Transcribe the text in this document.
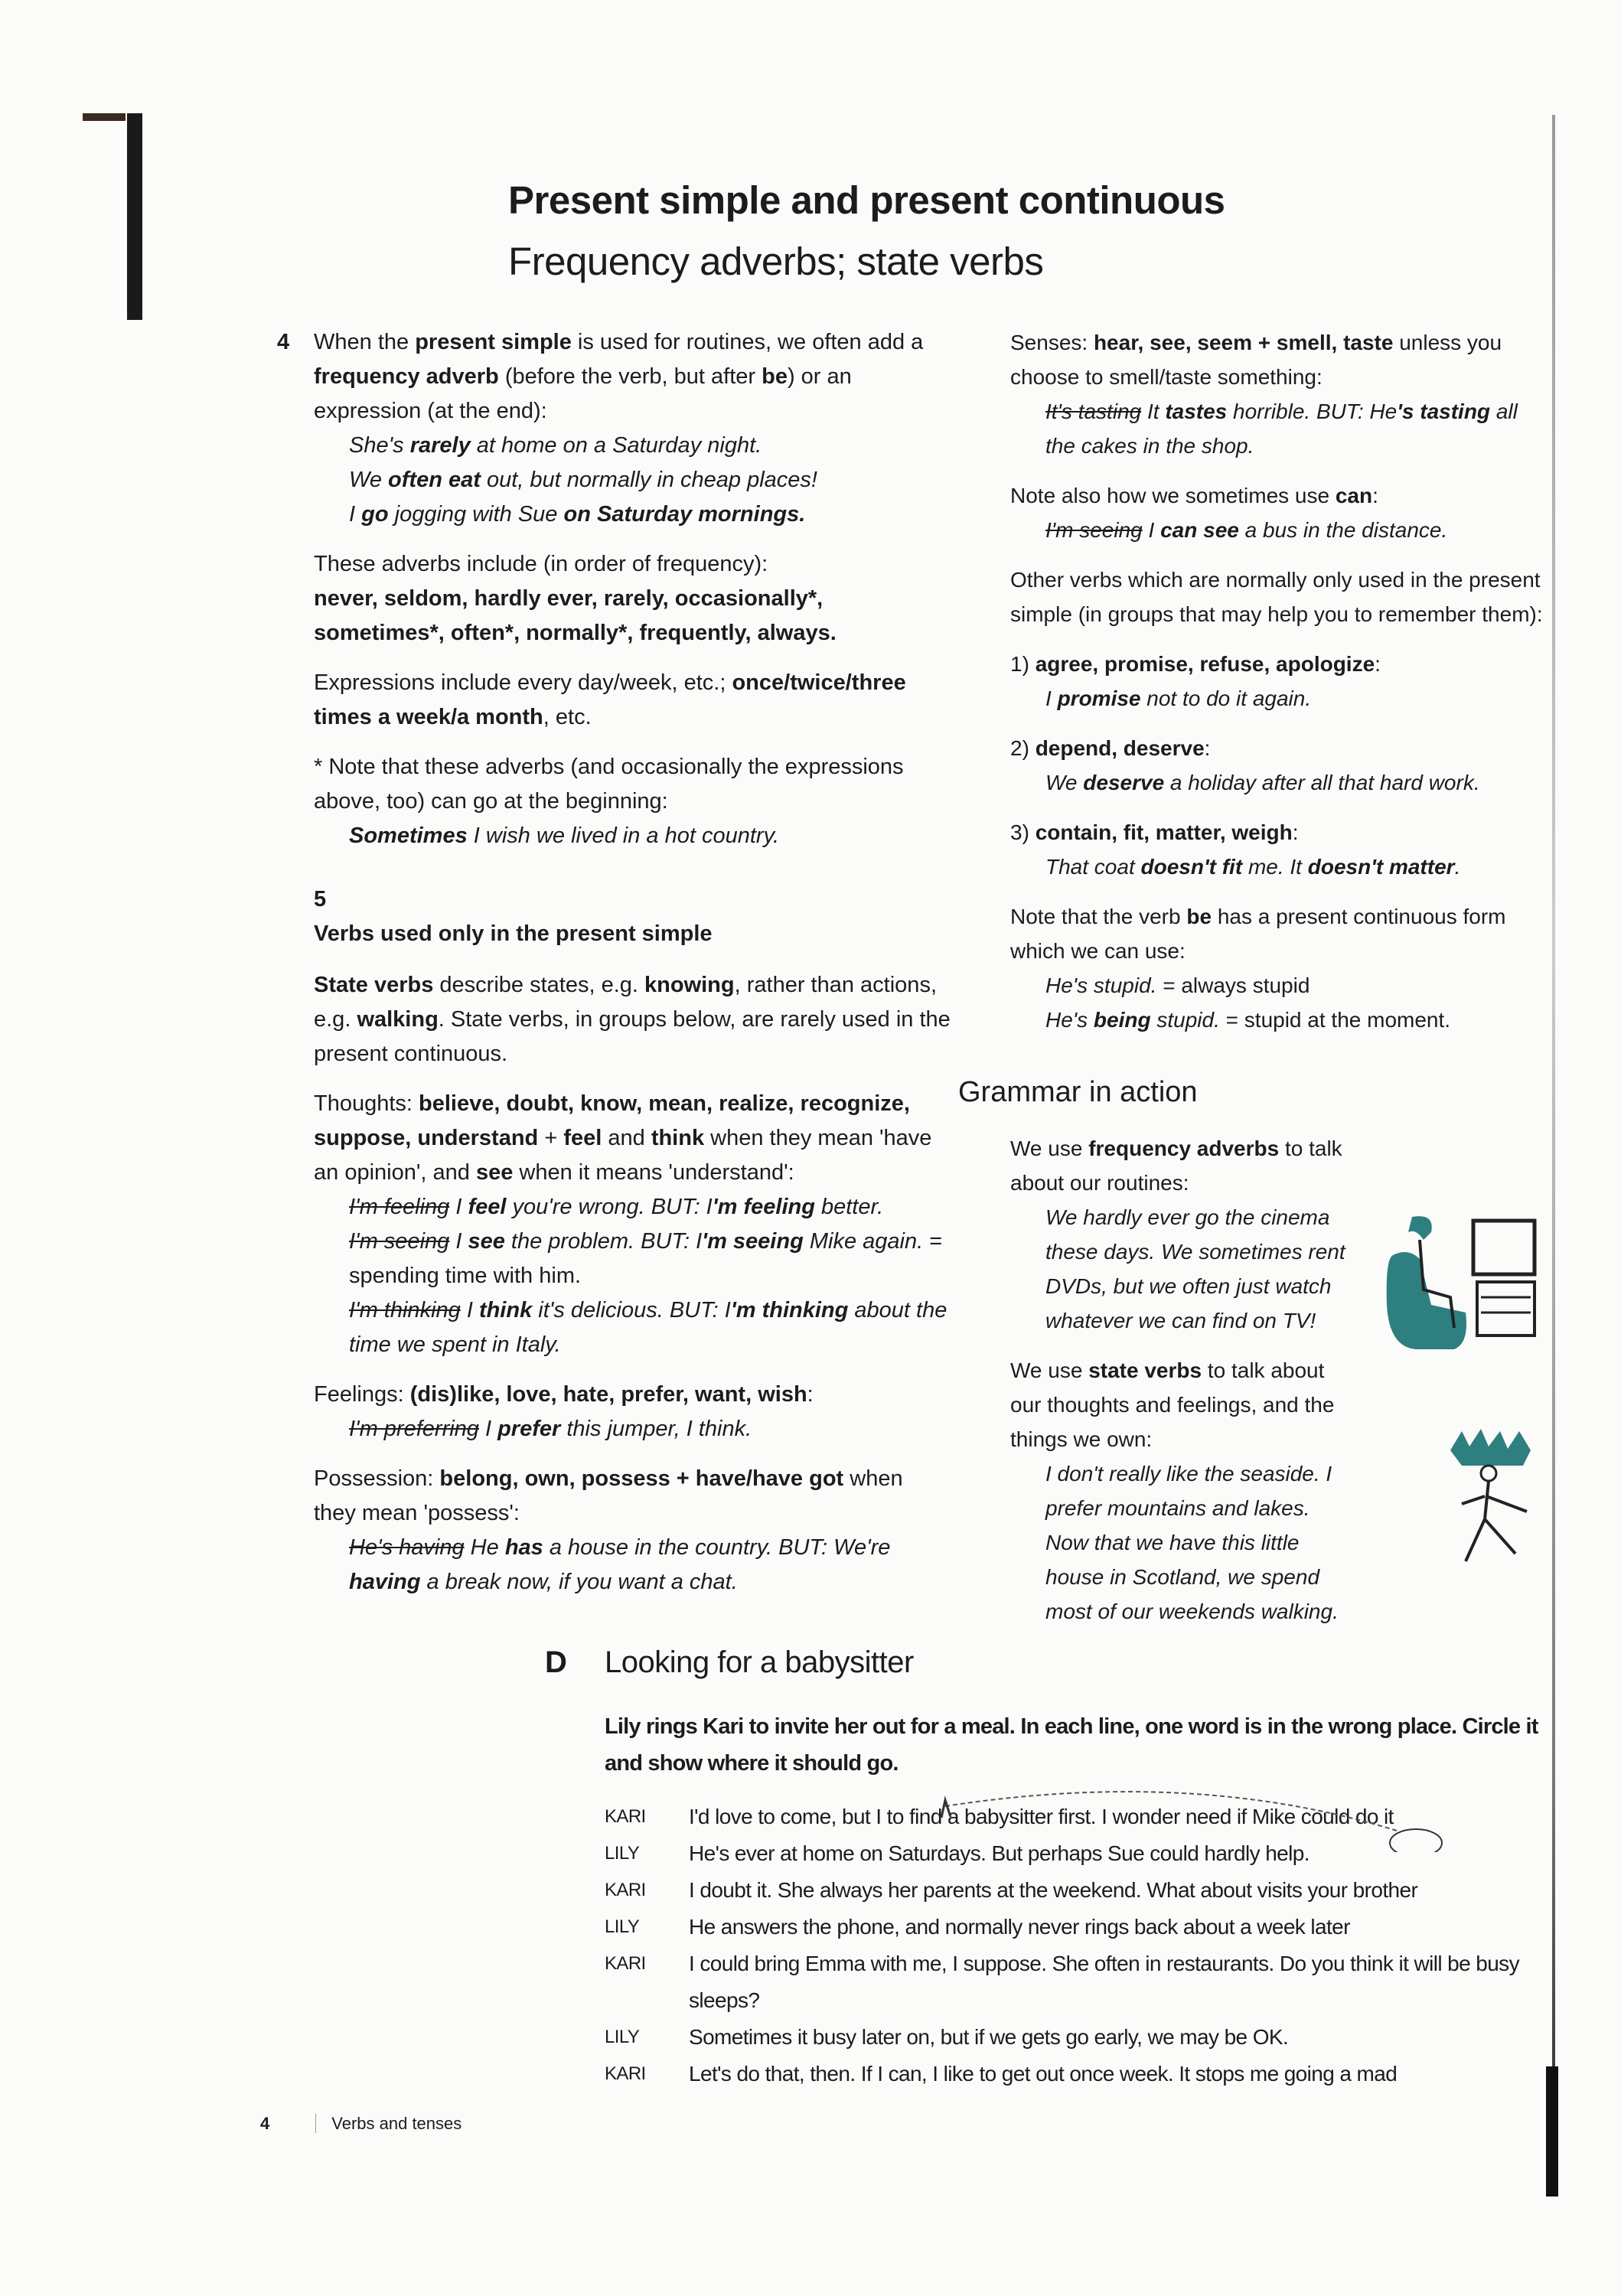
Present simple and present continuous
Frequency adverbs; state verbs
4 When the present simple is used for routines, we often add a frequency adverb (before the verb, but after be) or an expression (at the end):
She's rarely at home on a Saturday night.
We often eat out, but normally in cheap places!
I go jogging with Sue on Saturday mornings.
These adverbs include (in order of frequency):
never, seldom, hardly ever, rarely, occasionally*, sometimes*, often*, normally*, frequently, always.
Expressions include every day/week, etc.; once/twice/three times a week/a month, etc.
* Note that these adverbs (and occasionally the expressions above, too) can go at the beginning:
Sometimes I wish we lived in a hot country.
5
Verbs used only in the present simple
State verbs describe states, e.g. knowing, rather than actions, e.g. walking. State verbs, in groups below, are rarely used in the present continuous.
Thoughts: believe, doubt, know, mean, realize, recognize, suppose, understand + feel and think when they mean 'have an opinion', and see when it means 'understand':
I'm feeling I feel you're wrong. BUT: I'm feeling better.
I'm seeing I see the problem. BUT: I'm seeing Mike again. = spending time with him.
I'm thinking I think it's delicious. BUT: I'm thinking about the time we spent in Italy.
Feelings: (dis)like, love, hate, prefer, want, wish:
I'm preferring I prefer this jumper, I think.
Possession: belong, own, possess + have/have got when they mean 'possess':
He's having He has a house in the country. BUT: We're having a break now, if you want a chat.
Senses: hear, see, seem + smell, taste unless you choose to smell/taste something:
It's tasting It tastes horrible. BUT: He's tasting all the cakes in the shop.
Note also how we sometimes use can:
I'm seeing I can see a bus in the distance.
Other verbs which are normally only used in the present simple (in groups that may help you to remember them):
1) agree, promise, refuse, apologize:
I promise not to do it again.
2) depend, deserve:
We deserve a holiday after all that hard work.
3) contain, fit, matter, weigh:
That coat doesn't fit me. It doesn't matter.
Note that the verb be has a present continuous form which we can use:
He's stupid. = always stupid
He's being stupid. = stupid at the moment.
Grammar in action
We use frequency adverbs to talk about our routines:
We hardly ever go the cinema these days. We sometimes rent DVDs, but we often just watch whatever we can find on TV!
We use state verbs to talk about our thoughts and feelings, and the things we own:
I don't really like the seaside. I prefer mountains and lakes. Now that we have this little house in Scotland, we spend most of our weekends walking.
D Looking for a babysitter
Lily rings Kari to invite her out for a meal. In each line, one word is in the wrong place. Circle it and show where it should go.
KARI	I'd love to come, but I to find a babysitter first. I wonder need if Mike could do it
LILY	He's ever at home on Saturdays. But perhaps Sue could hardly help.
KARI	I doubt it. She always her parents at the weekend. What about visits your brother
LILY	He answers the phone, and normally never rings back about a week later
KARI	I could bring Emma with me, I suppose. She often in restaurants. Do you think it will be busy sleeps?
LILY	Sometimes it busy later on, but if we gets go early, we may be OK.
KARI	Let's do that, then. If I can, I like to get out once week. It stops me going a mad
4	Verbs and tenses
